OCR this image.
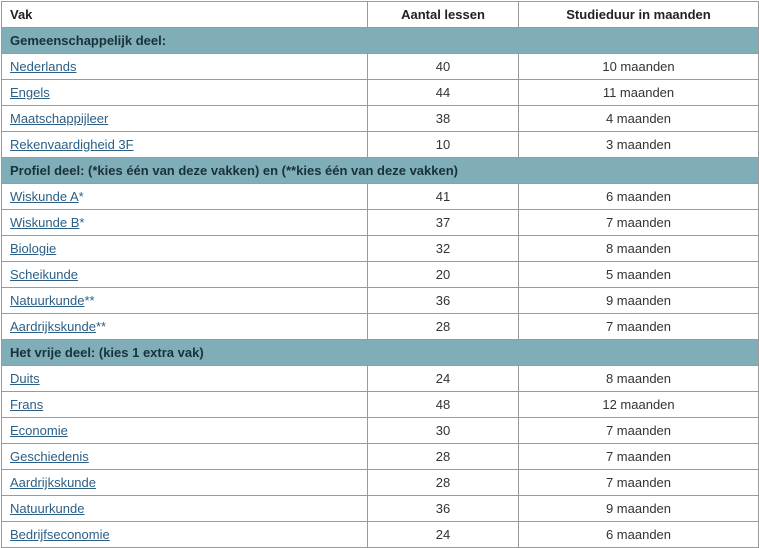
Vak	Aantal lessen	Studieduur in maanden
Gemeenschappelijk deel:		
Nederlands	40	10 maanden
Engels	44	11 maanden
Maatschappijleer	38	4 maanden
Rekenvaardigheid 3F	10	3 maanden
Profiel deel: (*kies één van deze vakken) en (**kies één van deze vakken)		
Wiskunde A*	41	6 maanden
Wiskunde B*	37	7 maanden
Biologie	32	8 maanden
Scheikunde	20	5 maanden
Natuurkunde**	36	9 maanden
Aardrijkskunde**	28	7 maanden
Het vrije deel: (kies 1 extra vak)		
Duits	24	8 maanden
Frans	48	12 maanden
Economie	30	7 maanden
Geschiedenis	28	7 maanden
Aardrijkskunde	28	7 maanden
Natuurkunde	36	9 maanden
Bedrijfseconomie	24	6 maanden
